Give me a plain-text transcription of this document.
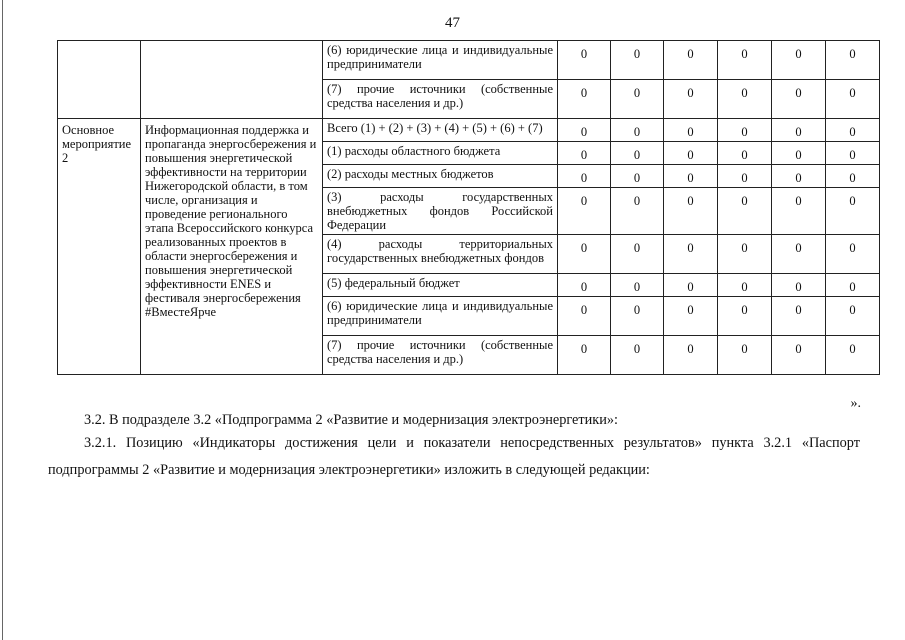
47
		(6) юридические лица и индивидуальные предприниматели	0	0	0	0	0	0
		(7) прочие источники (собственные средства населения и др.)	0	0	0	0	0	0
Основное мероприятие 2	Информационная поддержка и пропаганда энергосбережения и повышения энергетической эффективности на территории Нижегородской области, в том числе, организация и проведение регионального этапа Всероссийского конкурса реализованных проектов в области энергосбережения и повышения энергетической эффективности ENES и фестиваля энергосбережения #ВместеЯрче	Всего (1) + (2) + (3) + (4) + (5) + (6) + (7)	0	0	0	0	0	0
		(1) расходы областного бюджета	0	0	0	0	0	0
		(2) расходы местных бюджетов	0	0	0	0	0	0
		(3) расходы государственных внебюджетных фондов Российской Федерации	0	0	0	0	0	0
		(4) расходы территориальных государственных внебюджетных фондов	0	0	0	0	0	0
		(5) федеральный бюджет	0	0	0	0	0	0
		(6) юридические лица и индивидуальные предприниматели	0	0	0	0	0	0
		(7) прочие источники (собственные средства населения и др.)	0	0	0	0	0	0
».
3.2. В подразделе 3.2 «Подпрограмма 2 «Развитие и модернизация электроэнергетики»:
3.2.1. Позицию «Индикаторы достижения цели и показатели непосредственных результатов» пункта 3.2.1 «Паспорт подпрограммы 2 «Развитие и модернизация электроэнергетики» изложить в следующей редакции:
